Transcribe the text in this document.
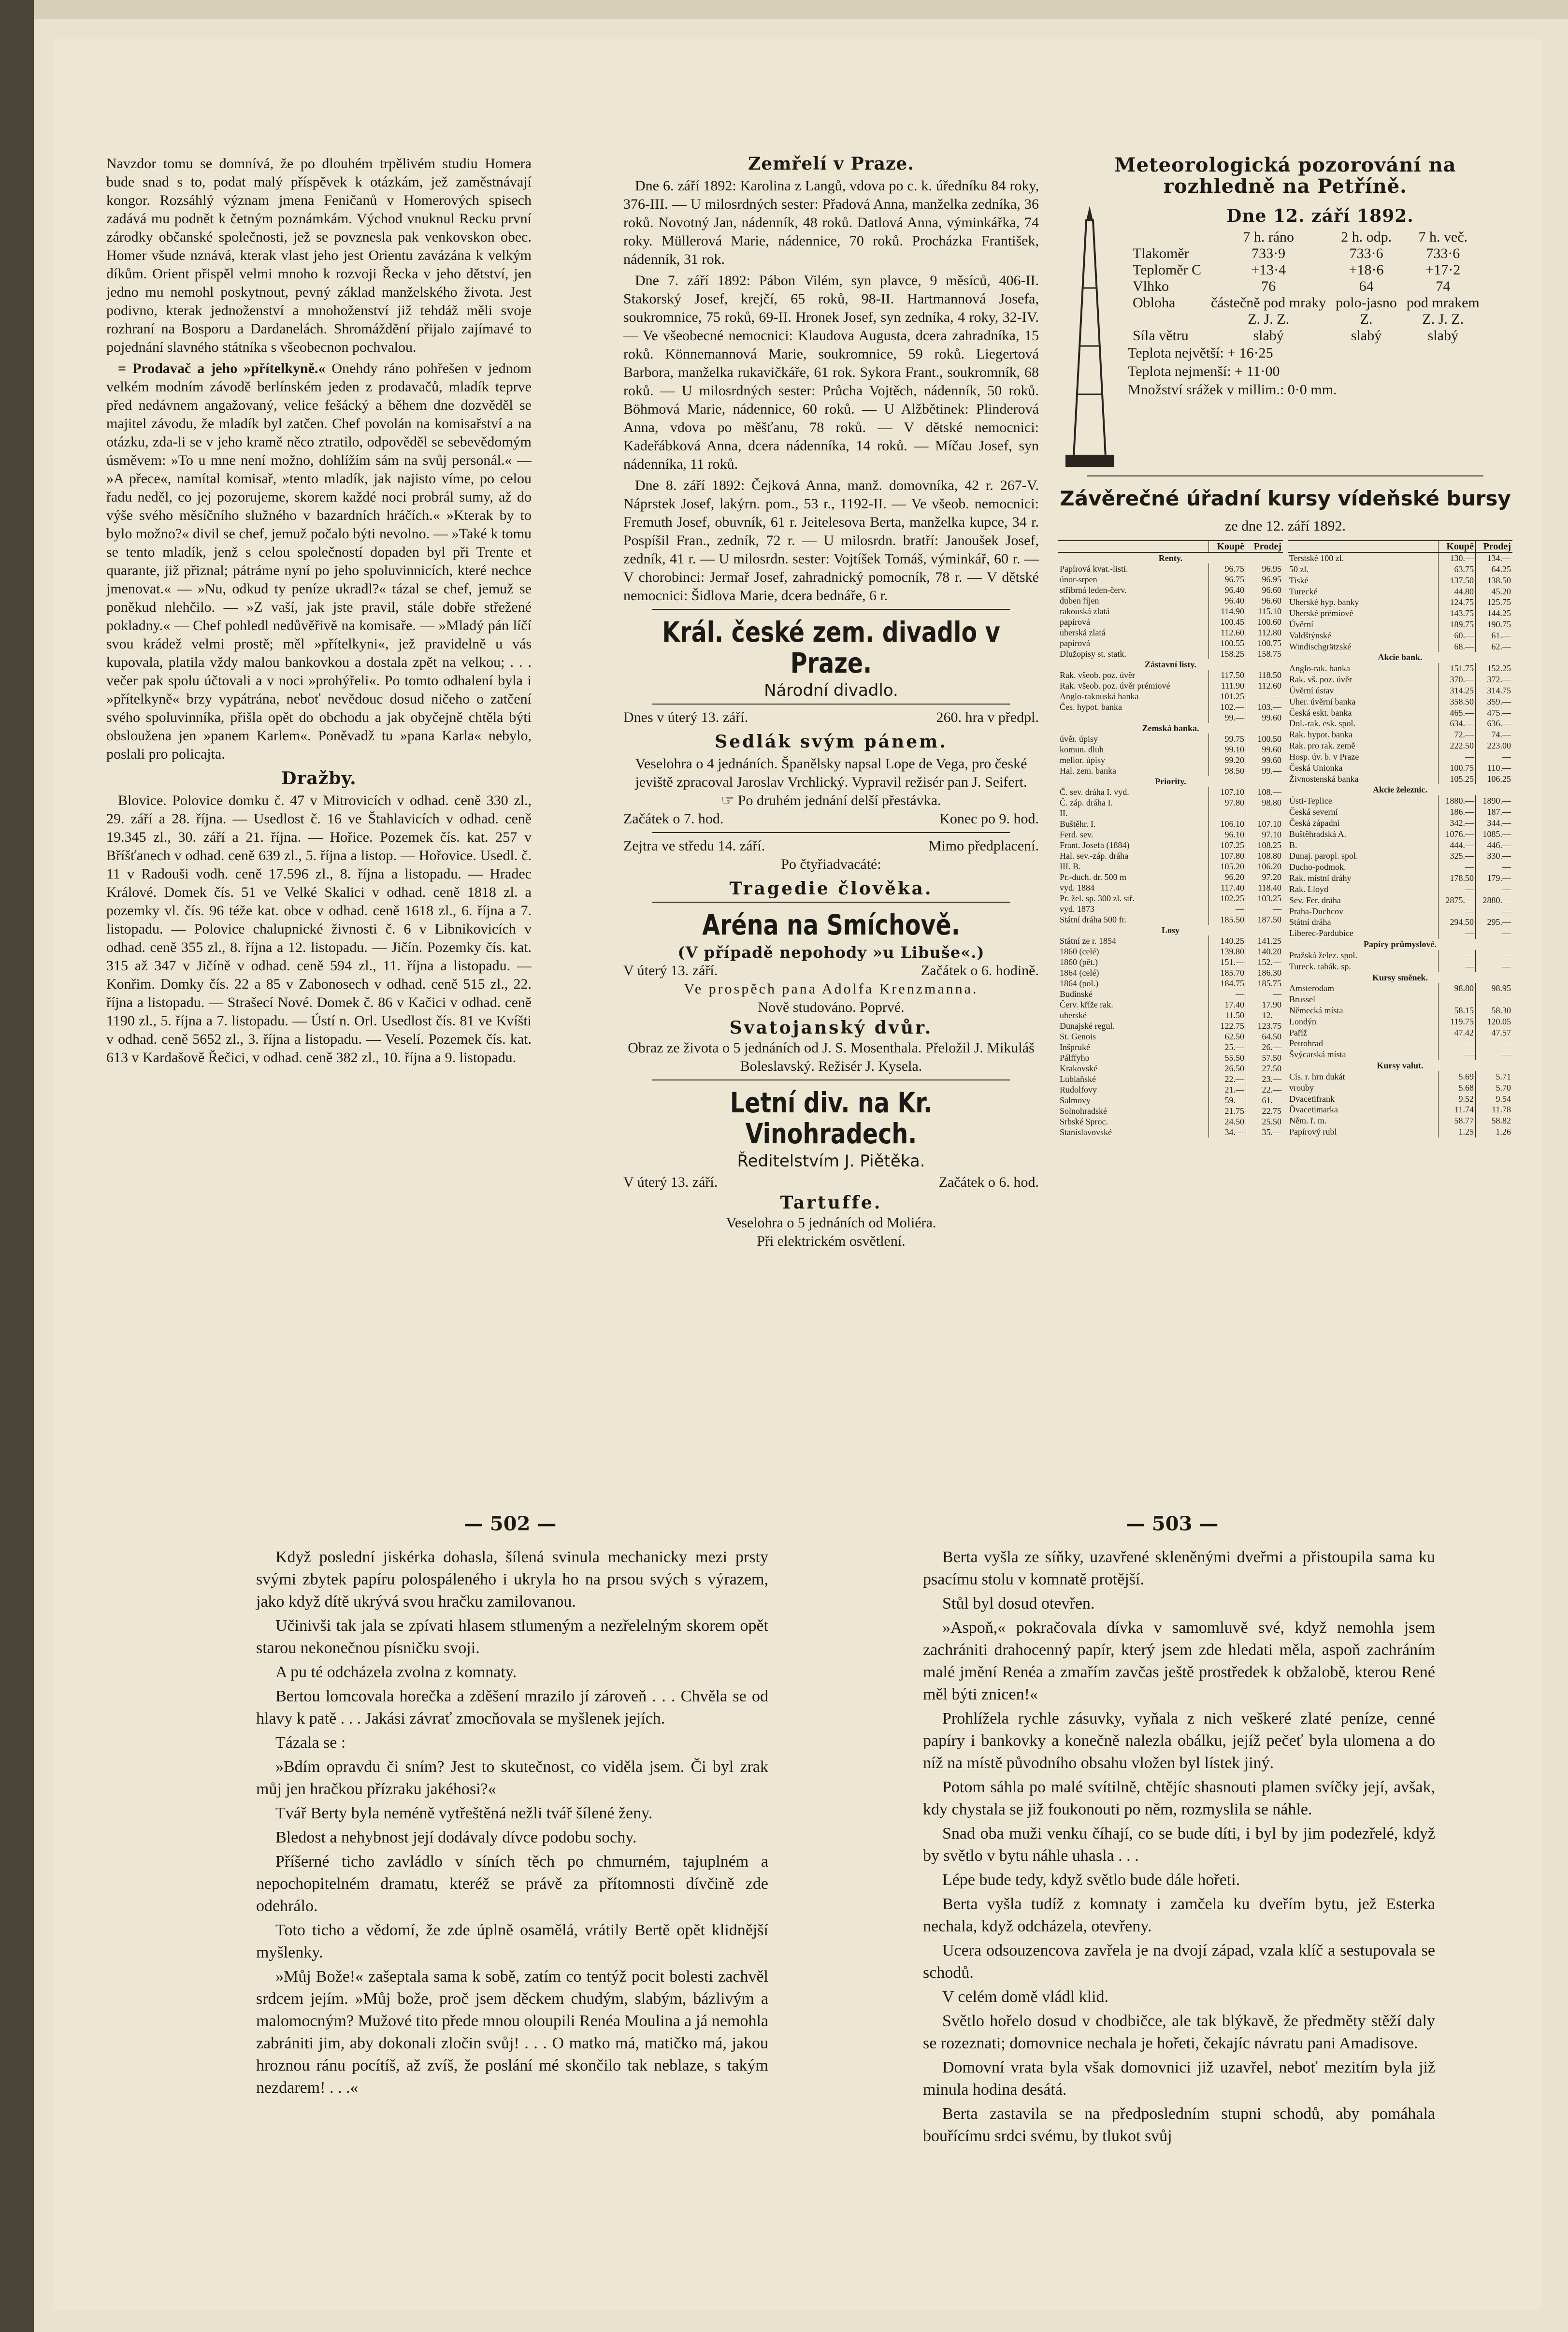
Navzdor tomu se domnívá, že po dlouhém trpělivém studiu Homera bude snad s to, podat malý příspěvek k otázkám, jež zaměstnávají kongor. Rozsáhlý význam jmena Feničanů v Homerových spisech zadává mu podnět k četným poznámkám. Východ vnuknul Recku první zárodky občanské společnosti, jež se povznesla pak venkovskon obec. Homer všude nznává, kterak vlast jeho jest Orientu zavázána k velkým díkům. Orient přispěl velmi mnoho k rozvoji Řecka v jeho dětství, jen jedno mu nemohl poskytnout, pevný základ manželského života. Jest podivno, kterak jednoženství a mnohoženství již tehdáž měli svoje rozhraní na Bosporu a Dardanelách. Shromáždění přijalo zajímavé to pojednání slavného státníka s všeobecnon pochvalou.

= Prodavač a jeho »přítelkyně.« Onehdy ráno pohřešen v jednom velkém modním závodě berlínském jeden z prodavačů, mladík teprve před nedávnem angažovaný, velice fešácký a během dne dozvěděl se majitel závodu, že mladík byl zatčen. Chef povolán na komisařství a na otázku, zda-li se v jeho kramě něco ztratilo, odpověděl se sebevědomým úsměvem: »To u mne není možno, dohlížím sám na svůj personál.« — »A přece«, namítal komisař, »tento mladík, jak najisto víme, po celou řadu neděl, co jej pozorujeme, skorem každé noci probrál sumy, až do výše svého měsíčního služného v bazardních hráčích.« »Kterak by to bylo možno?« divil se chef, jemuž počalo býti nevolno. — »Také k tomu se tento mladík, jenž s celou společností dopaden byl při Trente et quarante, již přiznal; pátráme nyní po jeho spoluvinnicích, které nechce jmenovat.« — »Nu, odkud ty peníze ukradl?« tázal se chef, jemuž se poněkud nlehčilo. — »Z vaší, jak jste pravil, stále dobře střežené pokladny.« — Chef pohledl nedůvěřivě na komisaře. — »Mladý pán líčí svou krádež velmi prostě; měl »přítelkyni«, jež pravidelně u vás kupovala, platila vždy malou bankovkou a dostala zpět na velkou; . . . večer pak spolu účtovali a v noci »prohýřeli«. Po tomto odhalení byla i »přítelkyně« brzy vypátrána, neboť nevědouc dosud ničeho o zatčení svého spoluvinníka, přišla opět do obchodu a jak obyčejně chtěla býti obsloužena jen »panem Karlem«. Poněvadž tu »pana Karla« nebylo, poslali pro policajta.

Dražby.

Blovice. Polovice domku č. 47 v Mitrovicích v odhad. ceně 330 zl., 29. září a 28. října. — Usedlost č. 16 ve Štahlavicích v odhad. ceně 19.345 zl., 30. září a 21. října. — Hořice. Pozemek čís. kat. 257 v Bříšťanech v odhad. ceně 639 zl., 5. října a listop. — Hořovice. Usedl. č. 11 v Radouši vodh. ceně 17.596 zl., 8. října a listopadu. — Hradec Králové. Domek čís. 51 ve Velké Skalici v odhad. ceně 1818 zl. a pozemky vl. čís. 96 téže kat. obce v odhad. ceně 1618 zl., 6. října a 7. listopadu. — Polovice chalupnické živnosti č. 6 v Libnikovicích v odhad. ceně 355 zl., 8. října a 12. listopadu. — Jičín. Pozemky čís. kat. 315 až 347 v Jičíně v odhad. ceně 594 zl., 11. října a listopadu. — Konřim. Domky čís. 22 a 85 v Zabonosech v odhad. ceně 515 zl., 22. října a listopadu. — Strašecí Nové. Domek č. 86 v Kačici v odhad. ceně 1190 zl., 5. října a 7. listopadu. — Ústí n. Orl. Usedlost čís. 81 ve Kvíšti v odhad. ceně 5652 zl., 3. října a listopadu. — Veselí. Pozemek čís. kat. 613 v Kardašově Řečici, v odhad. ceně 382 zl., 10. října a 9. listopadu.

Zemřelí v Praze.

Dne 6. září 1892: Karolina z Langů, vdova po c. k. úředníku 84 roky, 376-III. — U milosrdných sester: Přadová Anna, manželka zedníka, 36 roků. Novotný Jan, nádenník, 48 roků. Datlová Anna, výminkářka, 74 roky. Müllerová Marie, nádennice, 70 roků. Procházka František, nádenník, 31 rok.

Dne 7. září 1892: Pábon Vilém, syn plavce, 9 měsíců, 406-II. Stakorský Josef, krejčí, 65 roků, 98-II. Hartmannová Josefa, soukromnice, 75 roků, 69-II. Hronek Josef, syn zedníka, 4 roky, 32-IV. — Ve všeobecné nemocnici: Klaudova Augusta, dcera zahradníka, 15 roků. Könnemannová Marie, soukromnice, 59 roků. Liegertová Barbora, manželka rukavičkáře, 61 rok. Sykora Frant., soukromník, 68 roků. — U milosrdných sester: Průcha Vojtěch, nádenník, 50 roků. Böhmová Marie, nádennice, 60 roků. — U Alžbětinek: Plinderová Anna, vdova po měšťanu, 78 roků. — V dětské nemocnici: Kadeřábková Anna, dcera nádenníka, 14 roků. — Míčau Josef, syn nádenníka, 11 roků.

Dne 8. září 1892: Čejková Anna, manž. domovníka, 42 r. 267-V. Náprstek Josef, lakýrn. pom., 53 r., 1192-II. — Ve všeob. nemocnici: Fremuth Josef, obuvník, 61 r. Jeitelesova Berta, manželka kupce, 34 r. Pospíšil Fran., zedník, 72 r. — U milosrdn. bratří: Janoušek Josef, zedník, 41 r. — U milosrdn. sester: Vojtíšek Tomáš, výminkář, 60 r. — V chorobinci: Jermař Josef, zahradnický pomocník, 78 r. — V dětské nemocnici: Šidlova Marie, dcera bednáře, 6 r.

Král. české zem. divadlo v Praze.
Národní divadlo.
Dnes v úterý 13. září.	260. hra v předpl.
Sedlák svým pánem.
Veselohra o 4 jednáních. Španělsky napsal Lope de Vega, pro české jeviště zpracoval Jaroslav Vrchlický. Vypravil režisér pan J. Seifert.
☞ Po druhém jednání delší přestávka.
Začátek o 7. hod.	Konec po 9. hod.
Zejtra ve středu 14. září.	Mimo předplacení.
Po čtyřiadvacáté:
Tragedie člověka.
Aréna na Smíchově.
(V případě nepohody »u Libuše«.)
V úterý 13. září.	Začátek o 6. hodině.
Ve prospěch pana Adolfa Krenzmanna.
Nově studováno. Poprvé.
Svatojanský dvůr.
Obraz ze života o 5 jednáních od J. S. Mosenthala. Přeložil J. Mikuláš Boleslavský. Režisér J. Kysela.
Letní div. na Kr. Vinohradech.
Ředitelstvím J. Piětěka.
V úterý 13. září.	Začátek o 6. hod.
Tartuffe.
Veselohra o 5 jednáních od Moliéra.
Při elektrickém osvětlení.
Meteorologická pozorování na rozhledně na Petříně.
Dne 12. září 1892.
	7 h. ráno	2 h. odp.	7 h. več.
Tlakoměr	733·9	733·6	733·6
Teploměr C	+13·4	+18·6	+17·2
Vlhko	76	64	74
Obloha	částečně pod mraky	polo-jasno	pod mrakem
	Z. J. Z.	Z.	Z. J. Z.
Síla větru	slabý	slabý	slabý
Teplota největší: + 16·25
Teplota nejmenší: + 11·00
Množství srážek v millim.: 0·0 mm.
Závěrečné úřadní kursy vídeňské bursy
ze dne 12. září 1892.
	Koupě	Prodej
Renty.		
Papírová kvat.-listi.	96.75	96.95
únor-srpen	96.75	96.95
stříbrná leden-červ.	96.40	96.60
duben říjen	96.40	96.60
rakouská zlatá	114.90	115.10
papírová	100.45	100.60
uherská zlatá	112.60	112.80
papírová	100.55	100.75
Dlužopisy st. statk.	158.25	158.75
Zástavní listy.		
Rak. všeob. poz. úvěr	117.50	118.50
Rak. všeob. poz. úvěr prémiové	111.90	112.60
Anglo-rakouská banka	101.25	—
Čes. hypot. banka	102.—	103.—
	99.—	99.60
Zemská banka.		
úvěr. úpisy	99.75	100.50
komun. dluh	99.10	99.60
melior. úpisy	99.20	99.60
Hal. zem. banka	98.50	99.—
Priority.		
Č. sev. dráha I. vyd.	107.10	108.—
Č. záp. dráha I.	97.80	98.80
II.	—	—
Buštěhr. I.	106.10	107.10
Ferd. sev.	96.10	97.10
Frant. Josefa (1884)	107.25	108.25
Hal. sev.-záp. dráha	107.80	108.80
III. B.	105.20	106.20
Pr.-duch. dr. 500 m	96.20	97.20
vyd. 1884	117.40	118.40
Pr. žel. sp. 300 zl. stř.	102.25	103.25
vyd. 1873	—	—
Státní dráha 500 fr.	185.50	187.50
Losy		
Státní ze r. 1854	140.25	141.25
1860 (celé)	139.80	140.20
1860 (pět.)	151.—	152.—
1864 (celé)	185.70	186.30
1864 (pol.)	184.75	185.75
Budínské	—	—
Červ. kříže rak.	17.40	17.90
uherské	11.50	12.—
Dunajské regul.	122.75	123.75
St. Genois	62.50	64.50
Inšpruké	25.—	26.—
Pálffyho	55.50	57.50
Krakovské	26.50	27.50
Lublaňské	22.—	23.—
Rudolfovy	21.—	22.—
Salmovy	59.—	61.—
Solnohradské	21.75	22.75
Srbské Sproc.	24.50	25.50
Stanislavovské	34.—	35.—
	Koupě	Prodej
Terstské 100 zl.	130.—	134.—
50 zl.	63.75	64.25
Tiské	137.50	138.50
Turecké	44.80	45.20
Uherské hyp. banky	124.75	125.75
Uherské prémiové	143.75	144.25
Úvěrní	189.75	190.75
Valdštýnské	60.—	61.—
Windischgrätzské	68.—	62.—
Akcie bank.		
Anglo-rak. banka	151.75	152.25
Rak. vš. poz. úvěr	370.—	372.—
Úvěrní ústav	314.25	314.75
Uher. úvěrní banka	358.50	359.—
Česká eskt. banka	465.—	475.—
Dol.-rak. esk. spol.	634.—	636.—
Rak. hypot. banka	72.—	74.—
Rak. pro rak. země	222.50	223.00
Hosp. úv. b. v Praze	—	—
Česká Unionka	100.75	110.—
Živnostenská banka	105.25	106.25
Akcie železnic.		
Ústi-Teplice	1880.—	1890.—
Česká severní	186.—	187.—
Česká západní	342.—	344.—
Buštěhradská A.	1076.—	1085.—
B.	444.—	446.—
Dunaj. paropl. spol.	325.—	330.—
Ducho-podmok.	—	—
Rak. místní dráhy	178.50	179.—
Rak. Lloyd	—	—
Sev. Fer. dráha	2875.—	2880.—
Praha-Duchcov	—	—
Státní dráha	294.50	295.—
Liberec-Pardubice	—	—
Papíry průmyslové.		
Pražská želez. spol.	—	—
Tureck. tabák. sp.	—	—
Kursy směnek.		
Amsterodam	98.80	98.95
Brussel	—	—
Německá místa	58.15	58.30
Londýn	119.75	120.05
Paříž	47.42	47.57
Petrohrad	—	—
Švýcarská místa	—	—
Kursy valut.		
Cís. r. hrn dukát	5.69	5.71
vrouby	5.68	5.70
Dvacetifrank	9.52	9.54
Ďvacetimarka	11.74	11.78
Něm. ř. m.	58.77	58.82
Papírový rubl	1.25	1.26
— 502 —	— 503 —

Když poslední jiskérka dohasla, šílená svinula mechanicky mezi prsty svými zbytek papíru polospáleného i ukryla ho na prsou svých s výrazem, jako když dítě ukrývá svou hračku zamilovanou.

Učinivši tak jala se zpívati hlasem stlumeným a nezřelelným skorem opět starou nekonečnou písničku svoji.

A pu té odcházela zvolna z komnaty.

Bertou lomcovala horečka a zděšení mrazilo jí zároveň . . . Chvěla se od hlavy k patě . . . Jakási závrať zmocňovala se myšlenek jejích.

Tázala se :

»Bdím opravdu či sním? Jest to skutečnost, co viděla jsem. Či byl zrak můj jen hračkou přízraku jakéhosi?«

Tvář Berty byla neméně vytřeštěná nežli tvář šílené ženy.

Bledost a nehybnost její dodávaly dívce podobu sochy.

Příšerné ticho zavládlo v síních těch po chmurném, tajuplném a nepochopitelném dramatu, kteréž se právě za přítomnosti dívčině zde odehrálo.

Toto ticho a vědomí, že zde úplně osamělá, vrátily Bertě opět klidnější myšlenky.

»Můj Bože!« zašeptala sama k sobě, zatím co tentýž pocit bolesti zachvěl srdcem jejím. »Můj bože, proč jsem děckem chudým, slabým, bázlivým a malomocným? Mužové tito přede mnou oloupili Renéa Moulina a já nemohla zabrániti jim, aby dokonali zločin svůj! . . . O matko má, matičko má, jakou hroznou ránu pocítíš, až zvíš, že poslání mé skončilo tak neblaze, s takým nezdarem! . . .«

Berta vyšla ze síňky, uzavřené skleněnými dveřmi a přistoupila sama ku psacímu stolu v komnatě protější.

Stůl byl dosud otevřen.

»Aspoň,« pokračovala dívka v samomluvě své, když nemohla jsem zachrániti drahocenný papír, který jsem zde hledati měla, aspoň zachráním malé jmění Renéa a zmařím zavčas ještě prostředek k obžalobě, kterou René měl býti znicen!«

Prohlížela rychle zásuvky, vyňala z nich veškeré zlaté peníze, cenné papíry i bankovky a konečně nalezla obálku, jejíž pečeť byla ulomena a do níž na místě původního obsahu vložen byl lístek jiný.

Potom sáhla po malé svítilně, chtějíc shasnouti plamen svíčky její, avšak, kdy chystala se již foukonouti po něm, rozmyslila se náhle.

Snad oba muži venku číhají, co se bude díti, i byl by jim podezřelé, když by světlo v bytu náhle uhasla . . .

Lépe bude tedy, když světlo bude dále hořeti.

Berta vyšla tudíž z komnaty i zamčela ku dveřím bytu, jež Esterka nechala, když odcházela, otevřeny.

Ucera odsouzencova zavřela je na dvojí západ, vzala klíč a sestupovala se schodů.

V celém domě vládl klid.

Světlo hořelo dosud v chodbičce, ale tak blýkavě, že předměty stěží daly se rozeznati; domovnice nechala je hořeti, čekajíc návratu pani Amadisove.

Domovní vrata byla však domovnici již uzavřel, neboť mezitím byla již minula hodina desátá.

Berta zastavila se na předposledním stupni schodů, aby pomáhala bouřícímu srdci svému, by tlukot svůj
